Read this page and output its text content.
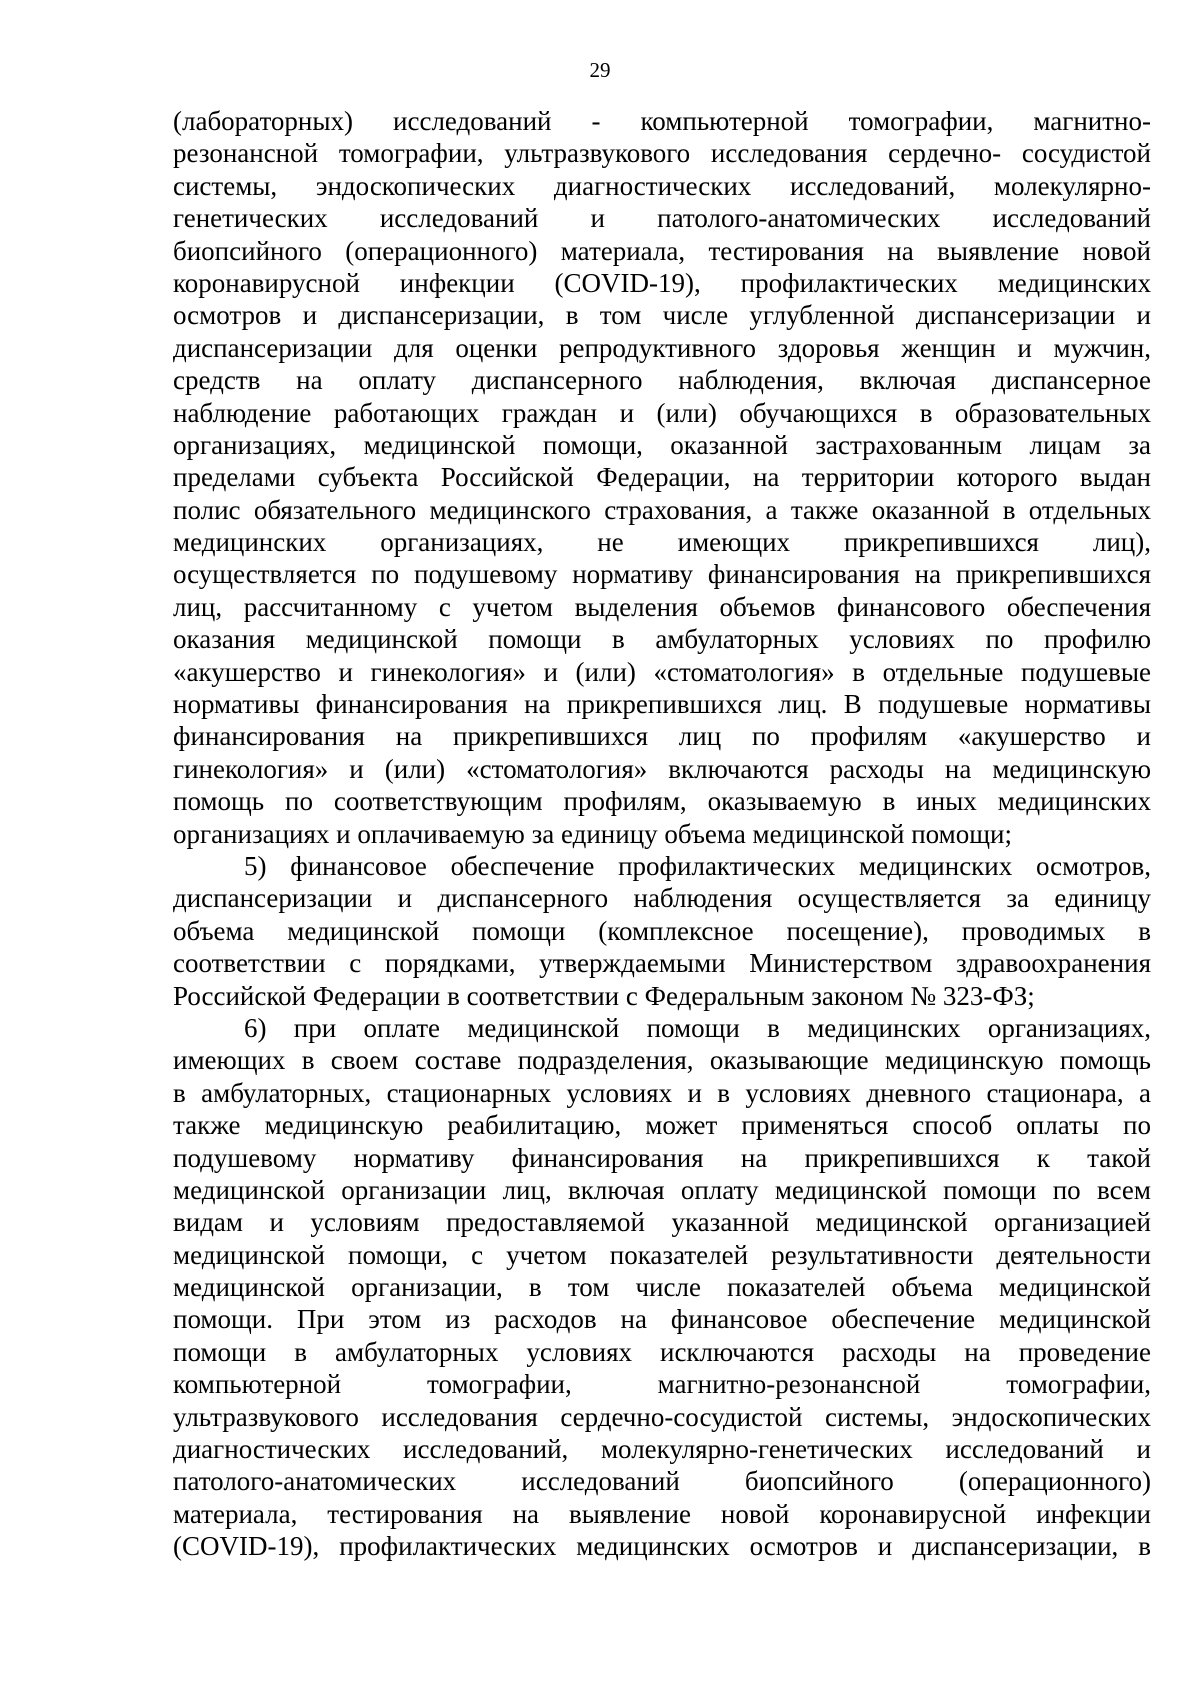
29
(лабораторных) исследований - компьютерной томографии, магнитно-
резонансной томографии, ультразвукового исследования сердечно- сосудистой
системы, эндоскопических диагностических исследований, молекулярно-
генетических исследований и патолого-анатомических исследований
биопсийного (операционного) материала, тестирования на выявление новой
коронавирусной инфекции (COVID-19), профилактических медицинских
осмотров и диспансеризации, в том числе углубленной диспансеризации и
диспансеризации для оценки репродуктивного здоровья женщин и мужчин,
средств на оплату диспансерного наблюдения, включая диспансерное
наблюдение работающих граждан и (или) обучающихся в образовательных
организациях, медицинской помощи, оказанной застрахованным лицам за
пределами субъекта Российской Федерации, на территории которого выдан
полис обязательного медицинского страхования, а также оказанной в отдельных
медицинских организациях, не имеющих прикрепившихся лиц),
осуществляется по подушевому нормативу финансирования на прикрепившихся
лиц, рассчитанному с учетом выделения объемов финансового обеспечения
оказания медицинской помощи в амбулаторных условиях по профилю
«акушерство и гинекология» и (или) «стоматология» в отдельные подушевые
нормативы финансирования на прикрепившихся лиц. В подушевые нормативы
финансирования на прикрепившихся лиц по профилям «акушерство и
гинекология» и (или) «стоматология» включаются расходы на медицинскую
помощь по соответствующим профилям, оказываемую в иных медицинских
организациях и оплачиваемую за единицу объема медицинской помощи;
5) финансовое обеспечение профилактических медицинских осмотров,
диспансеризации и диспансерного наблюдения осуществляется за единицу
объема медицинской помощи (комплексное посещение), проводимых в
соответствии с порядками, утверждаемыми Министерством здравоохранения
Российской Федерации в соответствии с Федеральным законом № 323-ФЗ;
6) при оплате медицинской помощи в медицинских организациях,
имеющих в своем составе подразделения, оказывающие медицинскую помощь
в амбулаторных, стационарных условиях и в условиях дневного стационара, а
также медицинскую реабилитацию, может применяться способ оплаты по
подушевому нормативу финансирования на прикрепившихся к такой
медицинской организации лиц, включая оплату медицинской помощи по всем
видам и условиям предоставляемой указанной медицинской организацией
медицинской помощи, с учетом показателей результативности деятельности
медицинской организации, в том числе показателей объема медицинской
помощи. При этом из расходов на финансовое обеспечение медицинской
помощи в амбулаторных условиях исключаются расходы на проведение
компьютерной томографии, магнитно-резонансной томографии,
ультразвукового исследования сердечно-сосудистой системы, эндоскопических
диагностических исследований, молекулярно-генетических исследований и
патолого-анатомических исследований биопсийного (операционного)
материала, тестирования на выявление новой коронавирусной инфекции
(COVID-19), профилактических медицинских осмотров и диспансеризации, в
